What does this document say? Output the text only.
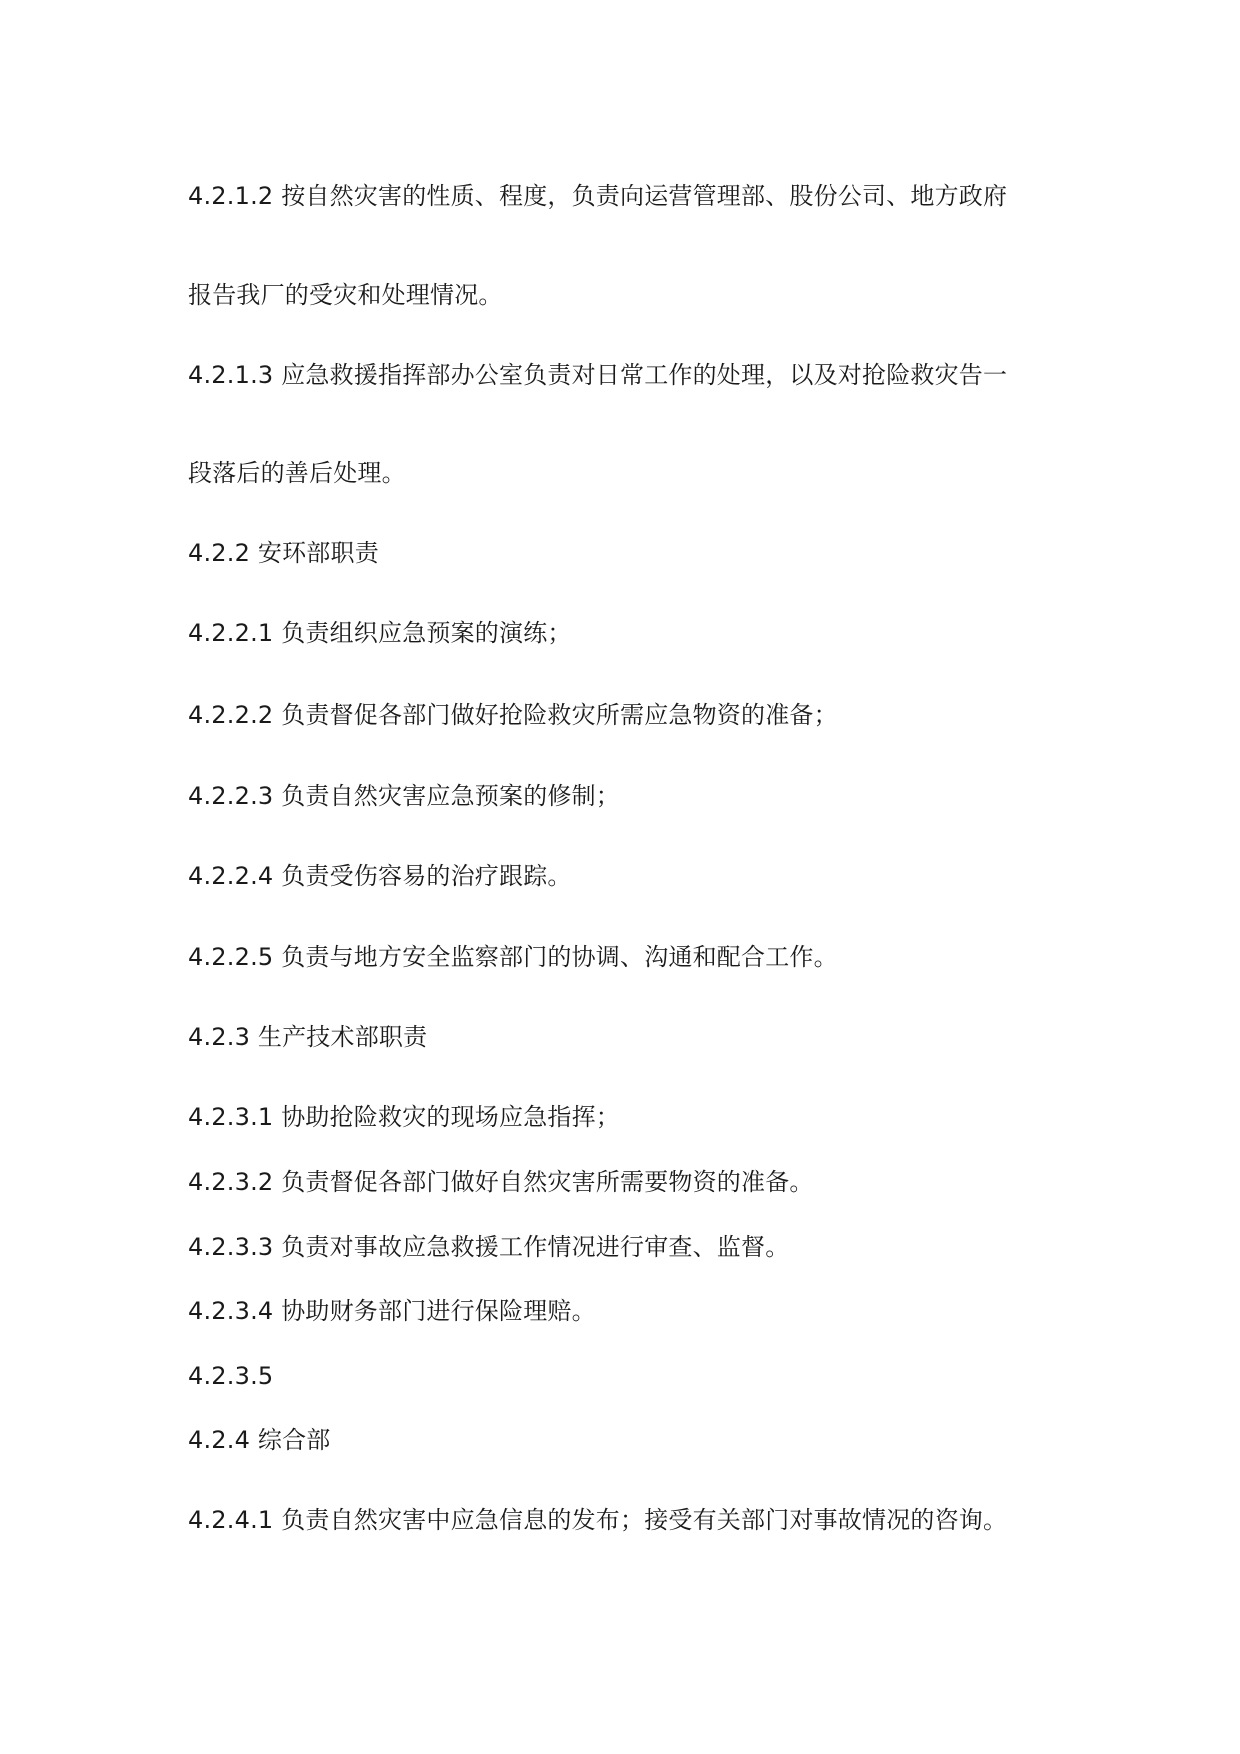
4.2.1.2 按自然灾害的性质、程度，负责向运营管理部、股份公司、地方政府
报告我厂的受灾和处理情况。
4.2.1.3 应急救援指挥部办公室负责对日常工作的处理，以及对抢险救灾告一
段落后的善后处理。
4.2.2 安环部职责
4.2.2.1 负责组织应急预案的演练；
4.2.2.2 负责督促各部门做好抢险救灾所需应急物资的准备；
4.2.2.3 负责自然灾害应急预案的修制；
4.2.2.4 负责受伤容易的治疗跟踪。
4.2.2.5 负责与地方安全监察部门的协调、沟通和配合工作。
4.2.3 生产技术部职责
4.2.3.1 协助抢险救灾的现场应急指挥；
4.2.3.2 负责督促各部门做好自然灾害所需要物资的准备。
4.2.3.3 负责对事故应急救援工作情况进行审查、监督。
4.2.3.4 协助财务部门进行保险理赔。
4.2.3.5
4.2.4 综合部
4.2.4.1 负责自然灾害中应急信息的发布；接受有关部门对事故情况的咨询。
